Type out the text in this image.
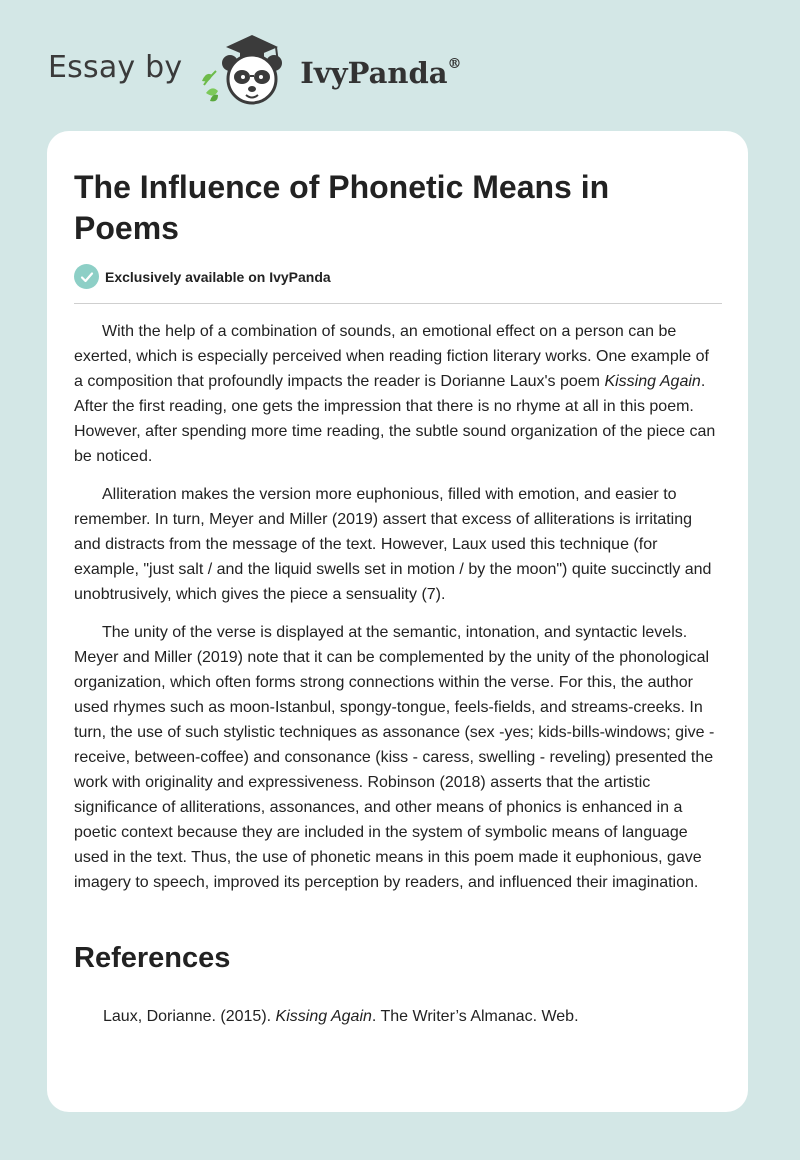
Essay by	IvyPanda®
The Influence of Phonetic Means in Poems
Exclusively available on IvyPanda

With the help of a combination of sounds, an emotional effect on a person can be exerted, which is especially perceived when reading fiction literary works. One example of a composition that profoundly impacts the reader is Dorianne Laux's poem Kissing Again. After the first reading, one gets the impression that there is no rhyme at all in this poem. However, after spending more time reading, the subtle sound organization of the piece can be noticed.

Alliteration makes the version more euphonious, filled with emotion, and easier to remember. In turn, Meyer and Miller (2019) assert that excess of alliterations is irritating and distracts from the message of the text. However, Laux used this technique (for example, "just salt / and the liquid swells set in motion / by the moon") quite succinctly and unobtrusively, which gives the piece a sensuality (7).

The unity of the verse is displayed at the semantic, intonation, and syntactic levels. Meyer and Miller (2019) note that it can be complemented by the unity of the phonological organization, which often forms strong connections within the verse. For this, the author used rhymes such as moon-Istanbul, spongy-tongue, feels-fields, and streams-creeks. In turn, the use of such stylistic techniques as assonance (sex -yes; kids-bills-windows; give - receive, between-coffee) and consonance (kiss - caress, swelling - reveling) presented the work with originality and expressiveness. Robinson (2018) asserts that the artistic significance of alliterations, assonances, and other means of phonics is enhanced in a poetic context because they are included in the system of symbolic means of language used in the text. Thus, the use of phonetic means in this poem made it euphonious, gave imagery to speech, improved its perception by readers, and influenced their imagination.

References
Laux, Dorianne. (2015). Kissing Again. The Writer’s Almanac. Web.
